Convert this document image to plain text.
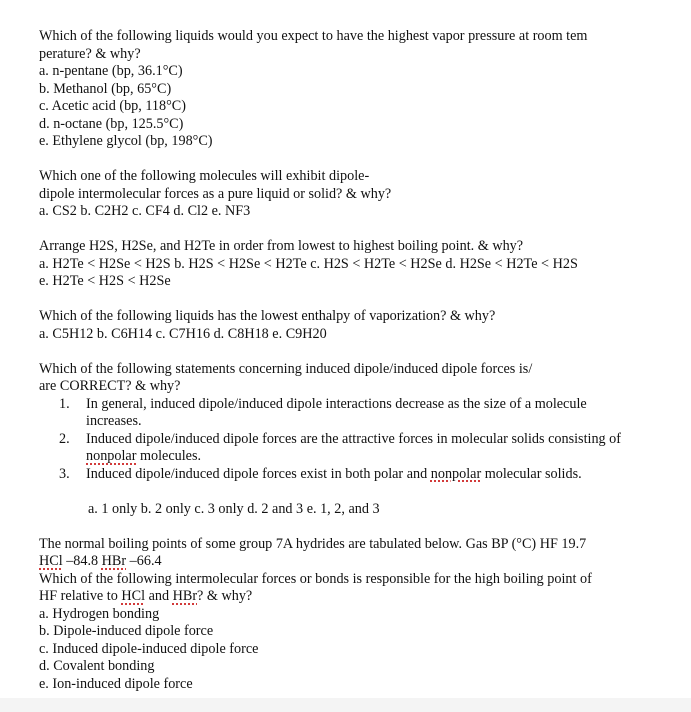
Which of the following liquids would you expect to have the highest vapor pressure at room tem
perature? & why?
a. n-pentane (bp, 36.1°C)
b. Methanol (bp, 65°C)
c. Acetic acid (bp, 118°C)
d. n-octane (bp, 125.5°C)
e. Ethylene glycol (bp, 198°C)
Which one of the following molecules will exhibit dipole-
dipole intermolecular forces as a pure liquid or solid? & why?
a. CS2 b. C2H2 c. CF4 d. Cl2 e. NF3
Arrange H2S, H2Se, and H2Te in order from lowest to highest boiling point. & why?
a. H2Te < H2Se < H2S b. H2S < H2Se < H2Te c. H2S < H2Te < H2Se d. H2Se < H2Te < H2S
e. H2Te < H2S < H2Se
Which of the following liquids has the lowest enthalpy of vaporization? & why?
a. C5H12 b. C6H14 c. C7H16 d. C8H18 e. C9H20
Which of the following statements concerning induced dipole/induced dipole forces is/
are CORRECT? & why?
1. In general, induced dipole/induced dipole interactions decrease as the size of a molecule increases.
2. Induced dipole/induced dipole forces are the attractive forces in molecular solids consisting of nonpolar molecules.
3. Induced dipole/induced dipole forces exist in both polar and nonpolar molecular solids.
a. 1 only b. 2 only c. 3 only d. 2 and 3 e. 1, 2, and 3
The normal boiling points of some group 7A hydrides are tabulated below. Gas BP (°C) HF 19.7
HCl –84.8 HBr –66.4
Which of the following intermolecular forces or bonds is responsible for the high boiling point of
HF relative to HCl and HBr? & why?
a. Hydrogen bonding
b. Dipole-induced dipole force
c. Induced dipole-induced dipole force
d. Covalent bonding
e. Ion-induced dipole force
